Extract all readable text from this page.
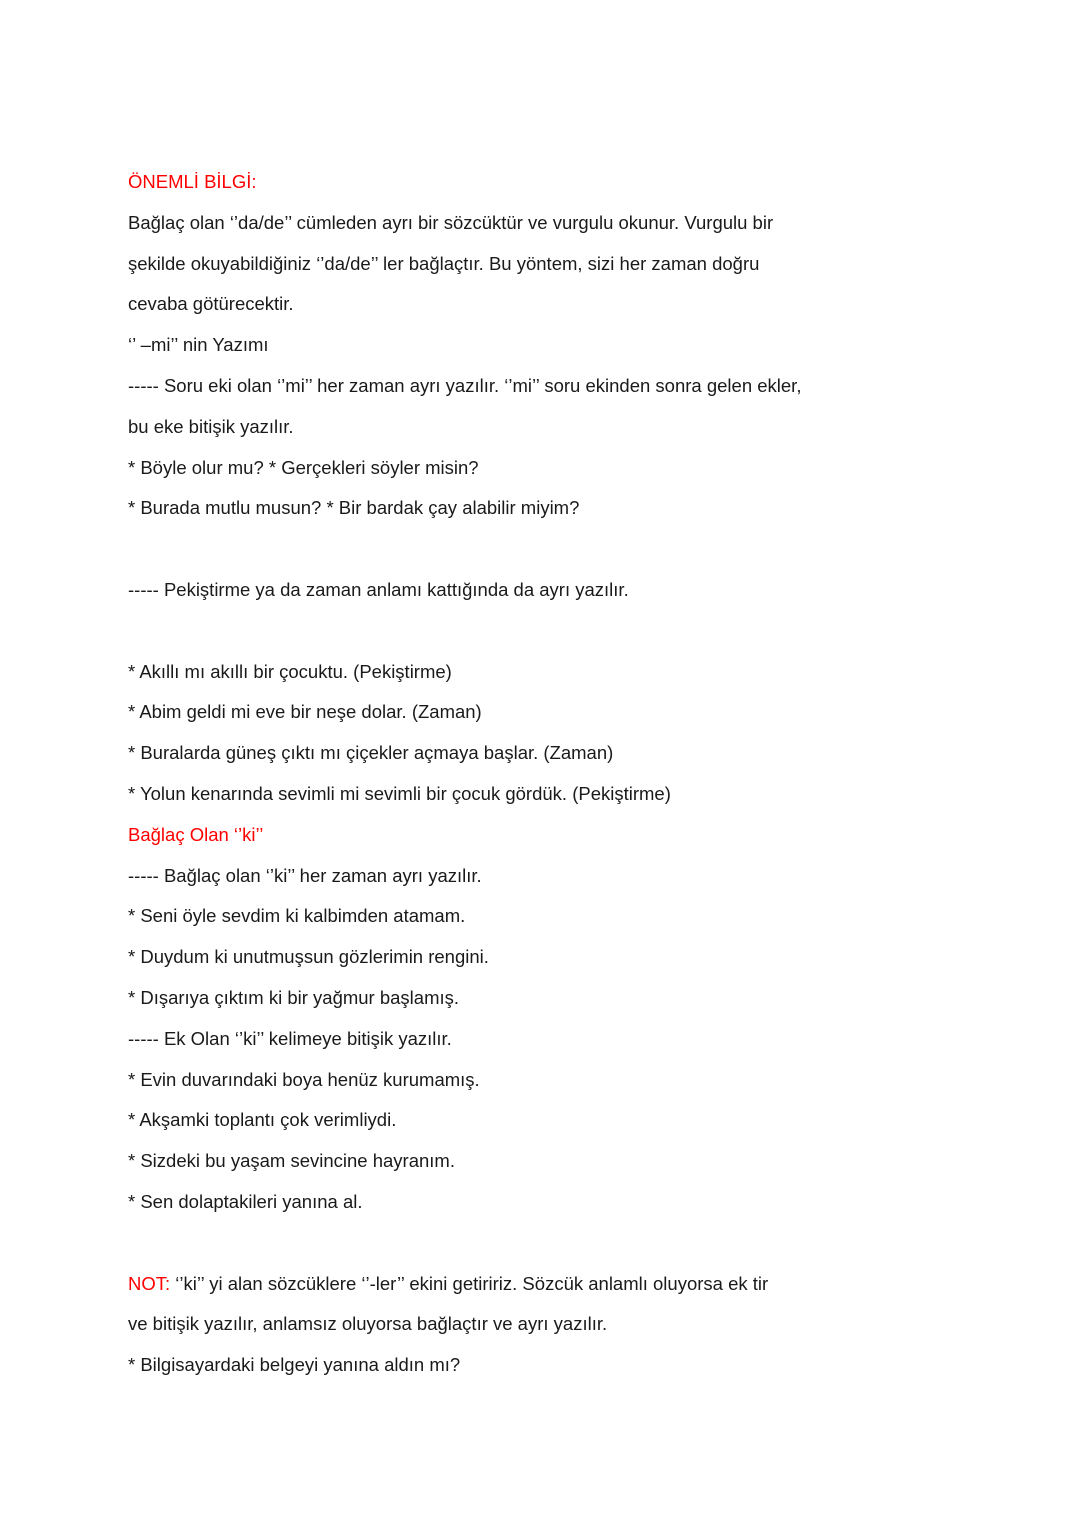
ÖNEMLİ BİLGİ:
Bağlaç olan ‘’da/de’’ cümleden ayrı bir sözcüktür ve vurgulu okunur. Vurgulu bir
şekilde okuyabildiğiniz ‘’da/de’’ ler bağlaçtır. Bu yöntem, sizi her zaman doğru
cevaba götürecektir.
‘’ –mi’’ nin Yazımı
----- Soru eki olan ‘’mi’’ her zaman ayrı yazılır. ‘’mi’’ soru ekinden sonra gelen ekler,
bu eke bitişik yazılır.
* Böyle olur mu? * Gerçekleri söyler misin?
* Burada mutlu musun? * Bir bardak çay alabilir miyim?
----- Pekiştirme ya da zaman anlamı kattığında da ayrı yazılır.
* Akıllı mı akıllı bir çocuktu. (Pekiştirme)
* Abim geldi mi eve bir neşe dolar. (Zaman)
* Buralarda güneş çıktı mı çiçekler açmaya başlar. (Zaman)
* Yolun kenarında sevimli mi sevimli bir çocuk gördük. (Pekiştirme)
Bağlaç Olan ‘’ki’’
----- Bağlaç olan ‘’ki’’ her zaman ayrı yazılır.
* Seni öyle sevdim ki kalbimden atamam.
* Duydum ki unutmuşsun gözlerimin rengini.
* Dışarıya çıktım ki bir yağmur başlamış.
----- Ek Olan ‘’ki’’ kelimeye bitişik yazılır.
* Evin duvarındaki boya henüz kurumamış.
* Akşamki toplantı çok verimliydi.
* Sizdeki bu yaşam sevincine hayranım.
* Sen dolaptakileri yanına al.
NOT: ‘’ki’’ yi alan sözcüklere ‘’-ler’’ ekini getiririz. Sözcük anlamlı oluyorsa ek tir
ve bitişik yazılır, anlamsız oluyorsa bağlaçtır ve ayrı yazılır.
* Bilgisayardaki belgeyi yanına aldın mı?
